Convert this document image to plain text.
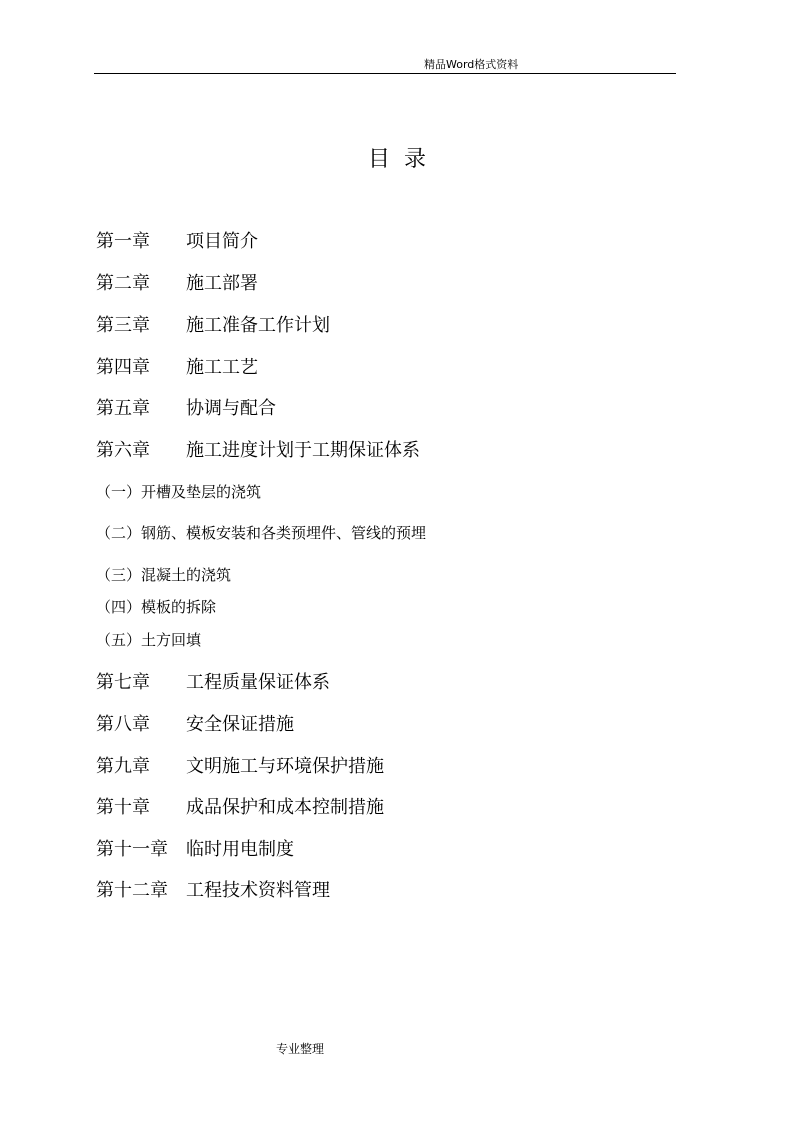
精品Word格式资料
目录
第一章 项目简介
第二章 施工部署
第三章 施工准备工作计划
第四章 施工工艺
第五章 协调与配合
第六章 施工进度计划于工期保证体系
（一）开槽及垫层的浇筑
（二）钢筋、模板安装和各类预埋件、管线的预埋
（三）混凝土的浇筑
（四）模板的拆除
（五）土方回填
第七章 工程质量保证体系
第八章 安全保证措施
第九章 文明施工与环境保护措施
第十章 成品保护和成本控制措施
第十一章 临时用电制度
第十二章 工程技术资料管理
专业整理
